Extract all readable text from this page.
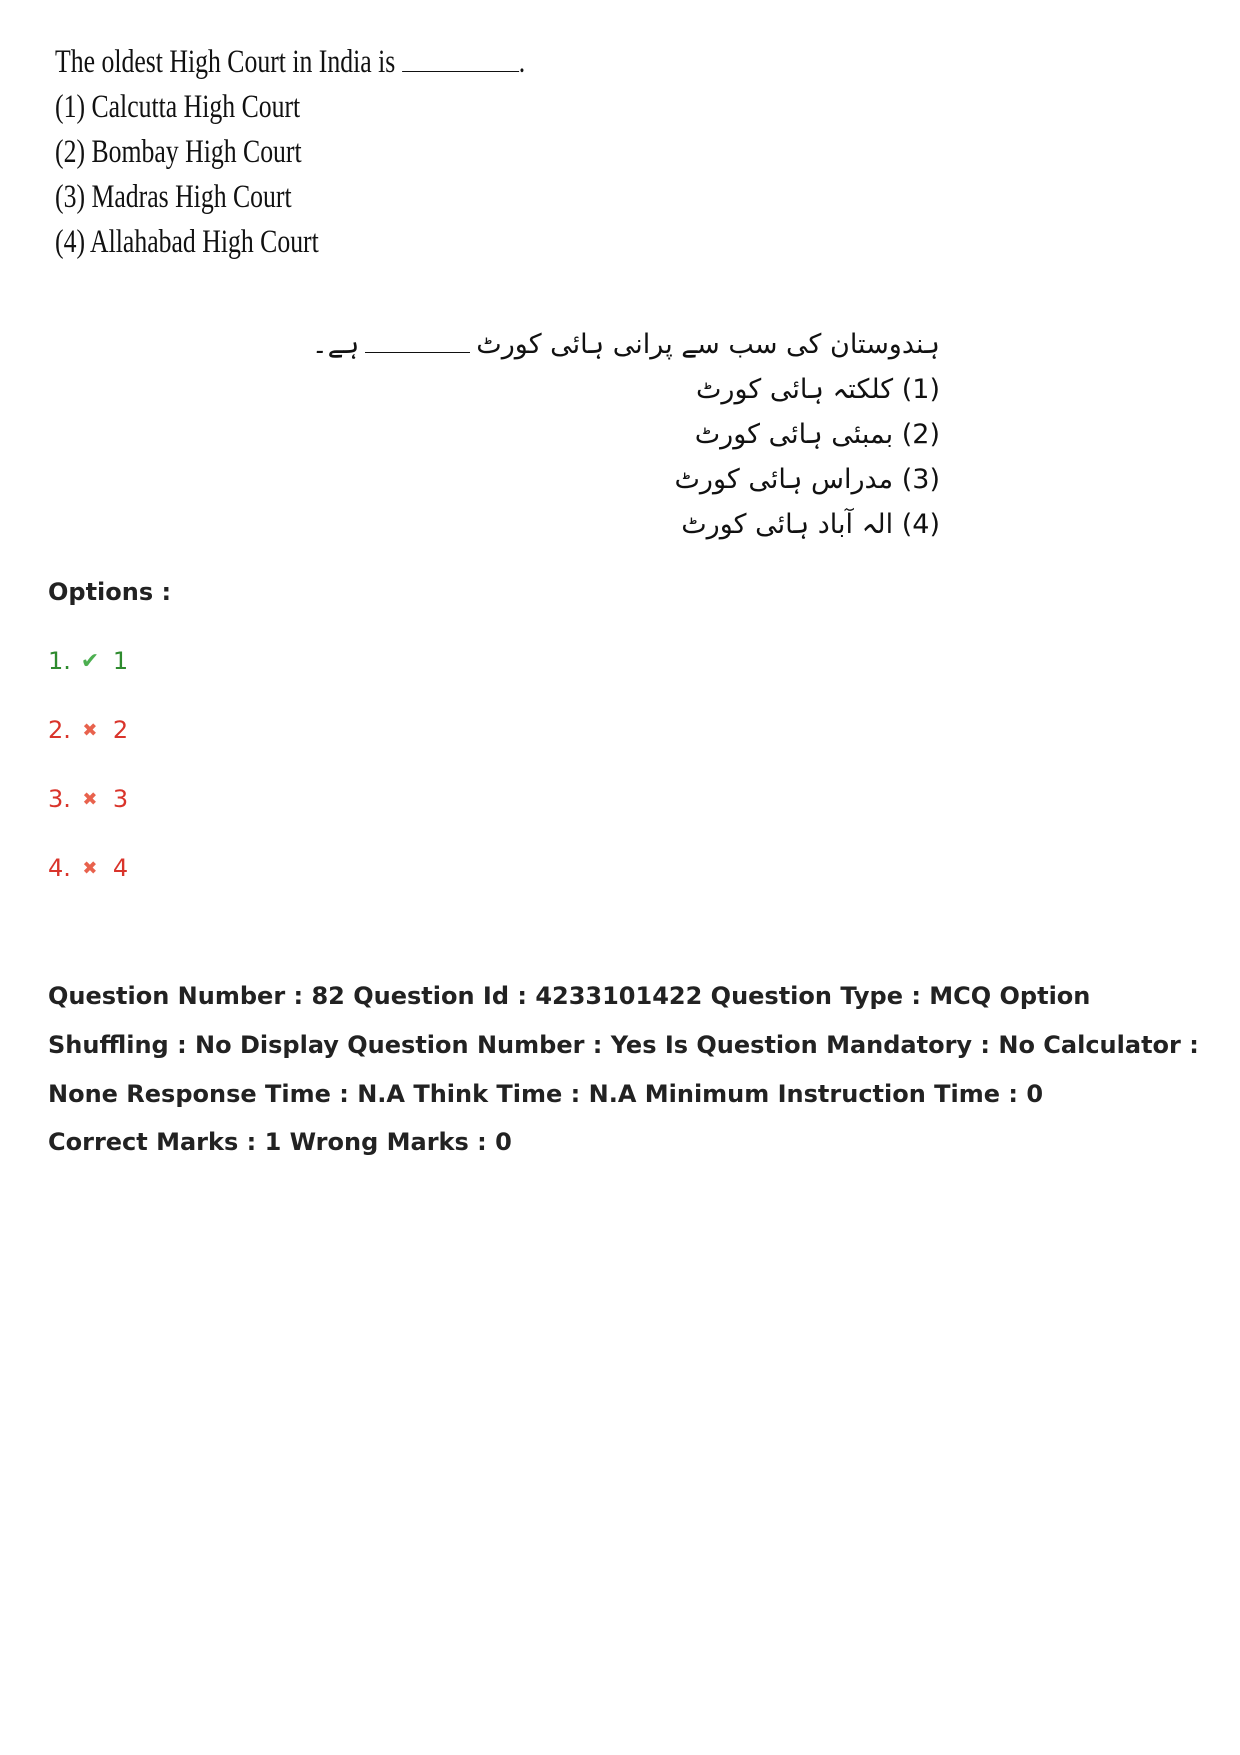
The oldest High Court in India is	.
(1) Calcutta High Court
(2) Bombay High Court
(3) Madras High Court
(4) Allahabad High Court
ہندوستان کی سب سے پرانی ہائی کورٹہے۔
(1) کلکتہ ہائی کورٹ
(2) بمبئی ہائی کورٹ
(3) مدراس ہائی کورٹ
(4) الہ آباد ہائی کورٹ
Options :
1. ✔ 1
2. ✖ 2
3. ✖ 3
4. ✖ 4
Question Number : 82 Question Id : 4233101422 Question Type : MCQ Option Shuffling : No Display Question Number : Yes Is Question Mandatory : No Calculator : None Response Time : N.A Think Time : N.A Minimum Instruction Time : 0
Correct Marks : 1 Wrong Marks : 0
